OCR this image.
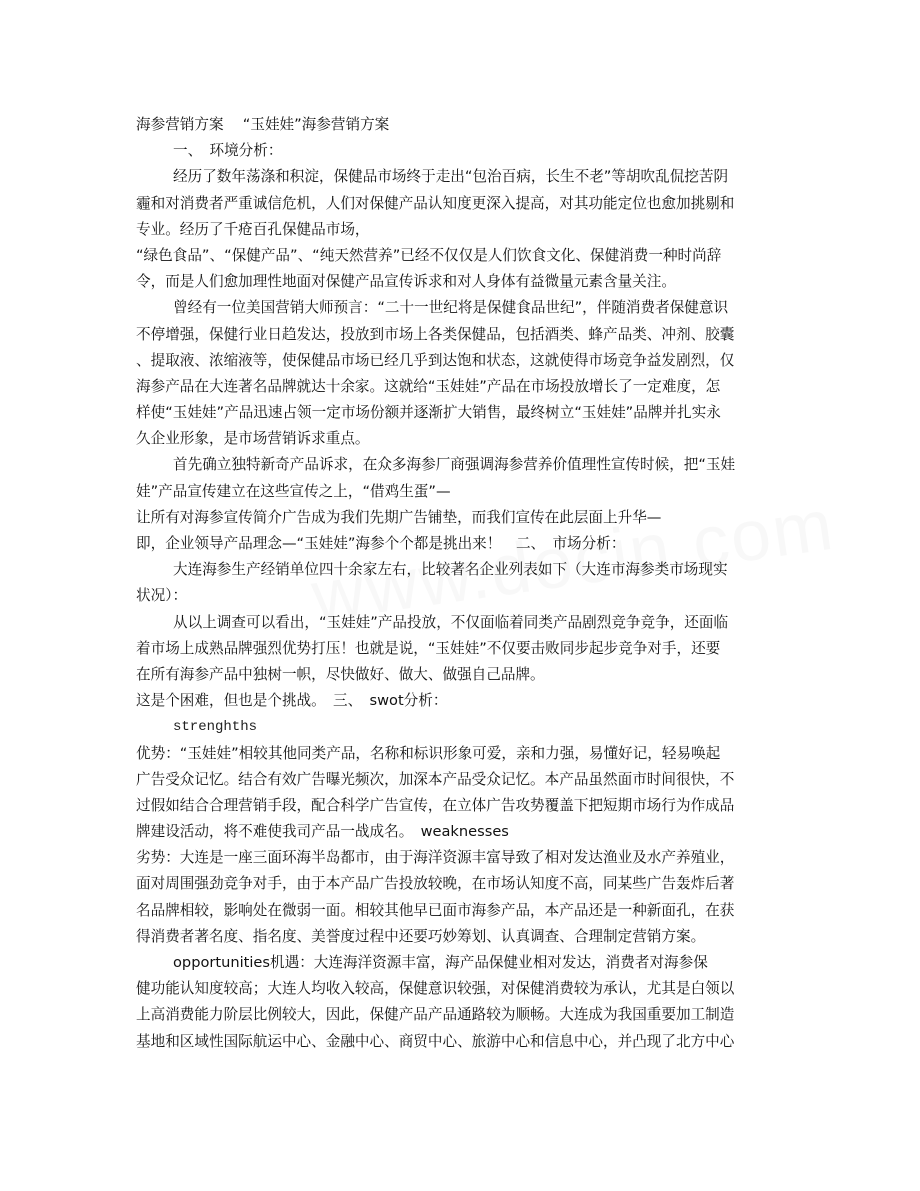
海参营销方案　 “玉娃娃”海参营销方案
一、　环境分析：
经历了数年荡涤和积淀，保健品市场终于走出“包治百病，长生不老”等胡吹乱侃挖苦阴
霾和对消费者严重诚信危机，人们对保健产品认知度更深入提高，对其功能定位也愈加挑剔和
专业。经历了千疮百孔保健品市场，
“绿色食品”、“保健产品”、“纯天然营养”已经不仅仅是人们饮食文化、保健消费一种时尚辞
令，而是人们愈加理性地面对保健产品宣传诉求和对人身体有益微量元素含量关注。
曾经有一位美国营销大师预言：“二十一世纪将是保健食品世纪”，伴随消费者保健意识
不停增强，保健行业日趋发达，投放到市场上各类保健品，包括酒类、蜂产品类、冲剂、胶囊
、提取液、浓缩液等，使保健品市场已经几乎到达饱和状态，这就使得市场竞争益发剧烈，仅
海参产品在大连著名品牌就达十余家。这就给“玉娃娃”产品在市场投放增长了一定难度，怎
样使“玉娃娃”产品迅速占领一定市场份额并逐渐扩大销售，最终树立“玉娃娃”品牌并扎实永
久企业形象，是市场营销诉求重点。
首先确立独特新奇产品诉求，在众多海参厂商强调海参营养价值理性宣传时候，把“玉娃
娃”产品宣传建立在这些宣传之上，“借鸡生蛋”—
让所有对海参宣传简介广告成为我们先期广告铺垫，而我们宣传在此层面上升华—
即，企业领导产品理念—“玉娃娃”海参个个都是挑出来！　二、　市场分析：
大连海参生产经销单位四十余家左右，比较著名企业列表如下（大连市海参类市场现实
状况）：
从以上调查可以看出，“玉娃娃”产品投放，不仅面临着同类产品剧烈竞争竞争，还面临
着市场上成熟品牌强烈优势打压！也就是说，“玉娃娃”不仅要击败同步起步竞争对手，还要
在所有海参产品中独树一帜，尽快做好、做大、做强自己品牌。
这是个困难，但也是个挑战。　三、　swot分析：
strenghths
优势：“玉娃娃”相较其他同类产品，名称和标识形象可爱，亲和力强，易懂好记，轻易唤起
广告受众记忆。结合有效广告曝光频次，加深本产品受众记忆。本产品虽然面市时间很快，不
过假如结合合理营销手段，配合科学广告宣传，在立体广告攻势覆盖下把短期市场行为作成品
牌建设活动，将不难使我司产品一战成名。　weaknesses
劣势：大连是一座三面环海半岛都市，由于海洋资源丰富导致了相对发达渔业及水产养殖业，
面对周围强劲竞争对手，由于本产品广告投放较晚，在市场认知度不高，同某些广告轰炸后著
名品牌相较，影响处在微弱一面。相较其他早已面市海参产品，本产品还是一种新面孔，在获
得消费者著名度、指名度、美誉度过程中还要巧妙筹划、认真调查、合理制定营销方案。
opportunities机遇：大连海洋资源丰富，海产品保健业相对发达，消费者对海参保
健功能认知度较高；大连人均收入较高，保健意识较强，对保健消费较为承认，尤其是白领以
上高消费能力阶层比例较大，因此，保健产品产品通路较为顺畅。大连成为我国重要加工制造
基地和区域性国际航运中心、金融中心、商贸中心、旅游中心和信息中心，并凸现了北方中心
